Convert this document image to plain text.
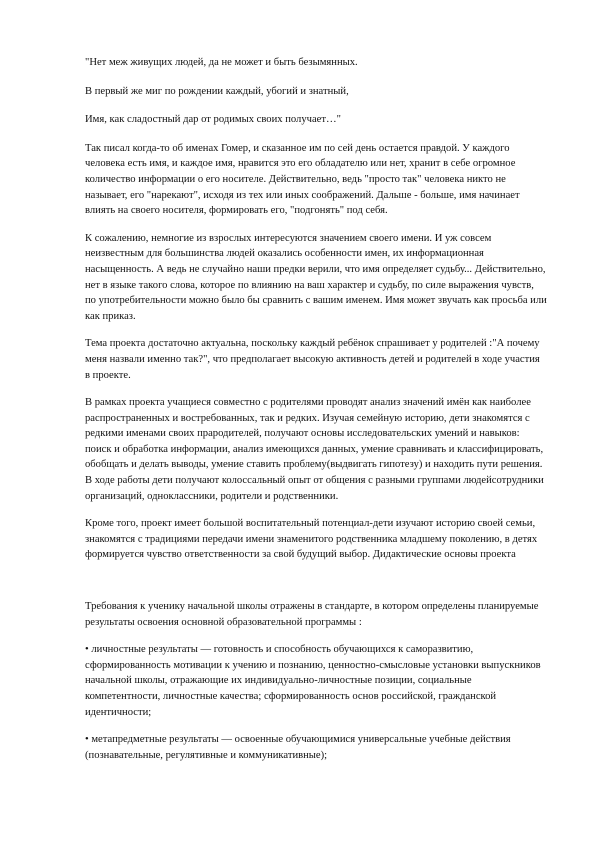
"Нет меж живущих людей, да не может и быть безымянных.

В первый же миг по рождении каждый, убогий и знатный,

Имя, как сладостный дар от родимых своих получает…"

Так писал когда-то об именах Гомер, и сказанное им по сей день остается правдой. У каждого человека есть имя, и каждое имя, нравится это его обладателю или нет, хранит в себе огромное количество информации о его носителе. Действительно, ведь "просто так" человека никто не называет, его "нарекают", исходя из тех или иных соображений. Дальше - больше, имя начинает влиять на своего носителя, формировать его, "подгонять" под себя.

К сожалению, немногие из взрослых интересуются значением своего имени. И уж совсем неизвестным для большинства людей оказались особенности имен, их информационная насыщенность. А ведь не случайно наши предки верили, что имя определяет судьбу... Действительно, нет в языке такого слова, которое по влиянию на ваш характер и судьбу, по силе выражения чувств, по употребительности можно было бы сравнить с вашим именем. Имя может звучать как просьба или как приказ.

Тема проекта достаточно актуальна, поскольку каждый ребёнок спрашивает у родителей :"А почему меня назвали именно так?", что предполагает высокую активность детей и родителей в ходе участия в проекте.

В рамках проекта учащиеся совместно с родителями проводят анализ значений имён как наиболее распространенных и востребованных, так и редких. Изучая семейную историю, дети знакомятся с редкими именами своих прародителей, получают основы исследовательских умений и навыков: поиск и обработка информации, анализ имеющихся данных, умение сравнивать и классифицировать, обобщать и делать выводы, умение ставить проблему(выдвигать гипотезу) и находить пути решения. В ходе работы дети получают колоссальный опыт от общения с разными группами людейсотрудники организаций, одноклассники, родители и родственники.

Кроме того, проект имеет большой воспитательный потенциал-дети изучают историю своей семьи, знакомятся с традициями передачи имени знаменитого родственника младшему поколению, в детях формируется чувство ответственности за свой будущий выбор. Дидактические основы проекта

Требования к ученику начальной школы отражены в стандарте, в котором определены планируемые результаты освоения основной образовательной программы :

• личностные результаты — готовность и способность обучающихся к саморазвитию, сформированность мотивации к учению и познанию, ценностно-смысловые установки выпускников начальной школы, отражающие их индивидуально-личностные позиции, социальные компетентности, личностные качества; сформированность основ российской, гражданской идентичности;

• метапредметные результаты — освоенные обучающимися универсальные учебные действия (познавательные, регулятивные и коммуникативные);
